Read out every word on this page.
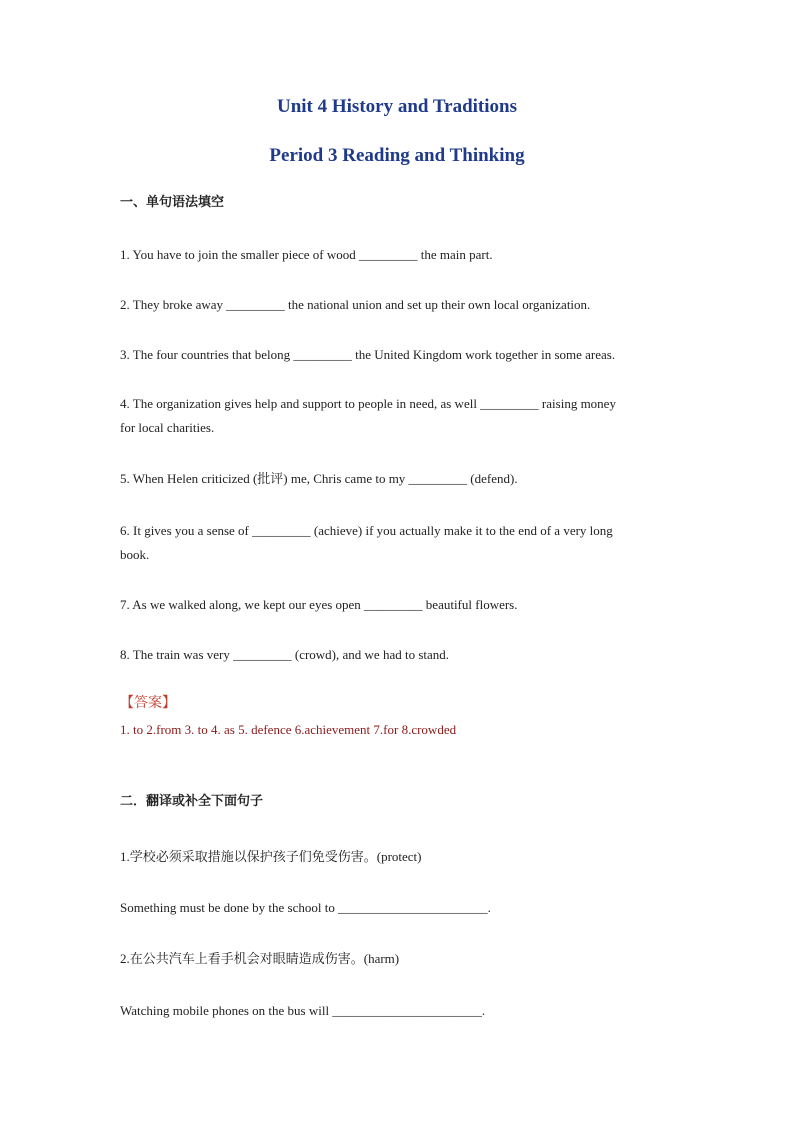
Unit 4 History and Traditions
Period 3 Reading and Thinking
一、单句语法填空
1. You have to join the smaller piece of wood _________ the main part.
2. They broke away _________ the national union and set up their own local organization.
3. The four countries that belong _________ the United Kingdom work together in some areas.
4. The organization gives help and support to people in need, as well _________ raising money
for local charities.
5. When Helen criticized (批评) me, Chris came to my _________ (defend).
6. It gives you a sense of _________ (achieve) if you actually make it to the end of a very long
book.
7. As we walked along, we kept our eyes open _________ beautiful flowers.
8. The train was very _________ (crowd), and we had to stand.
【答案】
1. to 2.from 3. to 4. as 5. defence 6.achievement 7.for 8.crowded
二．翻译或补全下面句子
1.学校必须采取措施以保护孩子们免受伤害。(protect)
Something must be done by the school to _______________________.
2.在公共汽车上看手机会对眼睛造成伤害。(harm)
Watching mobile phones on the bus will _______________________.
